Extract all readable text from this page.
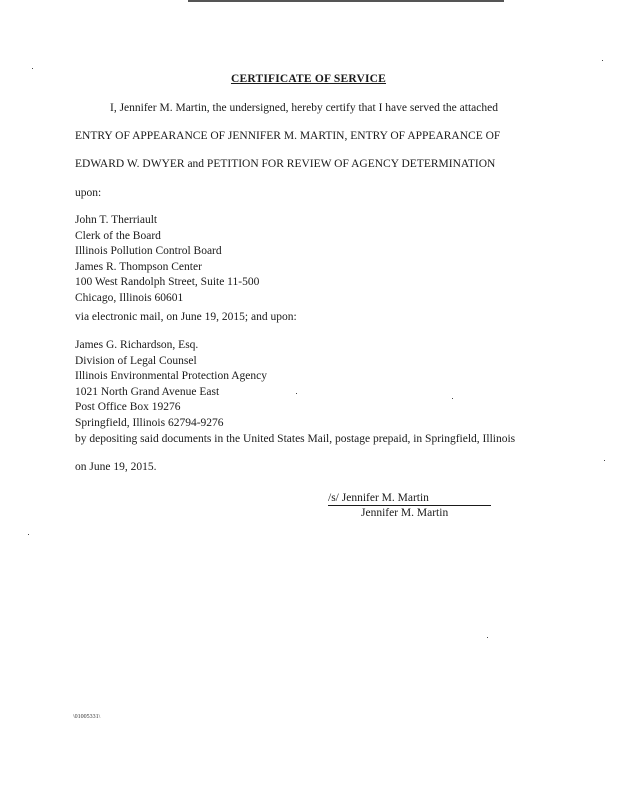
CERTIFICATE OF SERVICE
I, Jennifer M. Martin, the undersigned, hereby certify that I have served the attached
ENTRY OF APPEARANCE OF JENNIFER M. MARTIN, ENTRY OF APPEARANCE OF
EDWARD W. DWYER and PETITION FOR REVIEW OF AGENCY DETERMINATION
upon:
John T. Therriault
Clerk of the Board
Illinois Pollution Control Board
James R. Thompson Center
100 West Randolph Street, Suite 11-500
Chicago, Illinois 60601
via electronic mail, on June 19, 2015; and upon:
James G. Richardson, Esq.
Division of Legal Counsel
Illinois Environmental Protection Agency
1021 North Grand Avenue East
Post Office Box 19276
Springfield, Illinois 62794-9276
by depositing said documents in the United States Mail, postage prepaid, in Springfield, Illinois
on June 19, 2015.
/s/ Jennifer M. Martin
Jennifer M. Martin
\01005331\
